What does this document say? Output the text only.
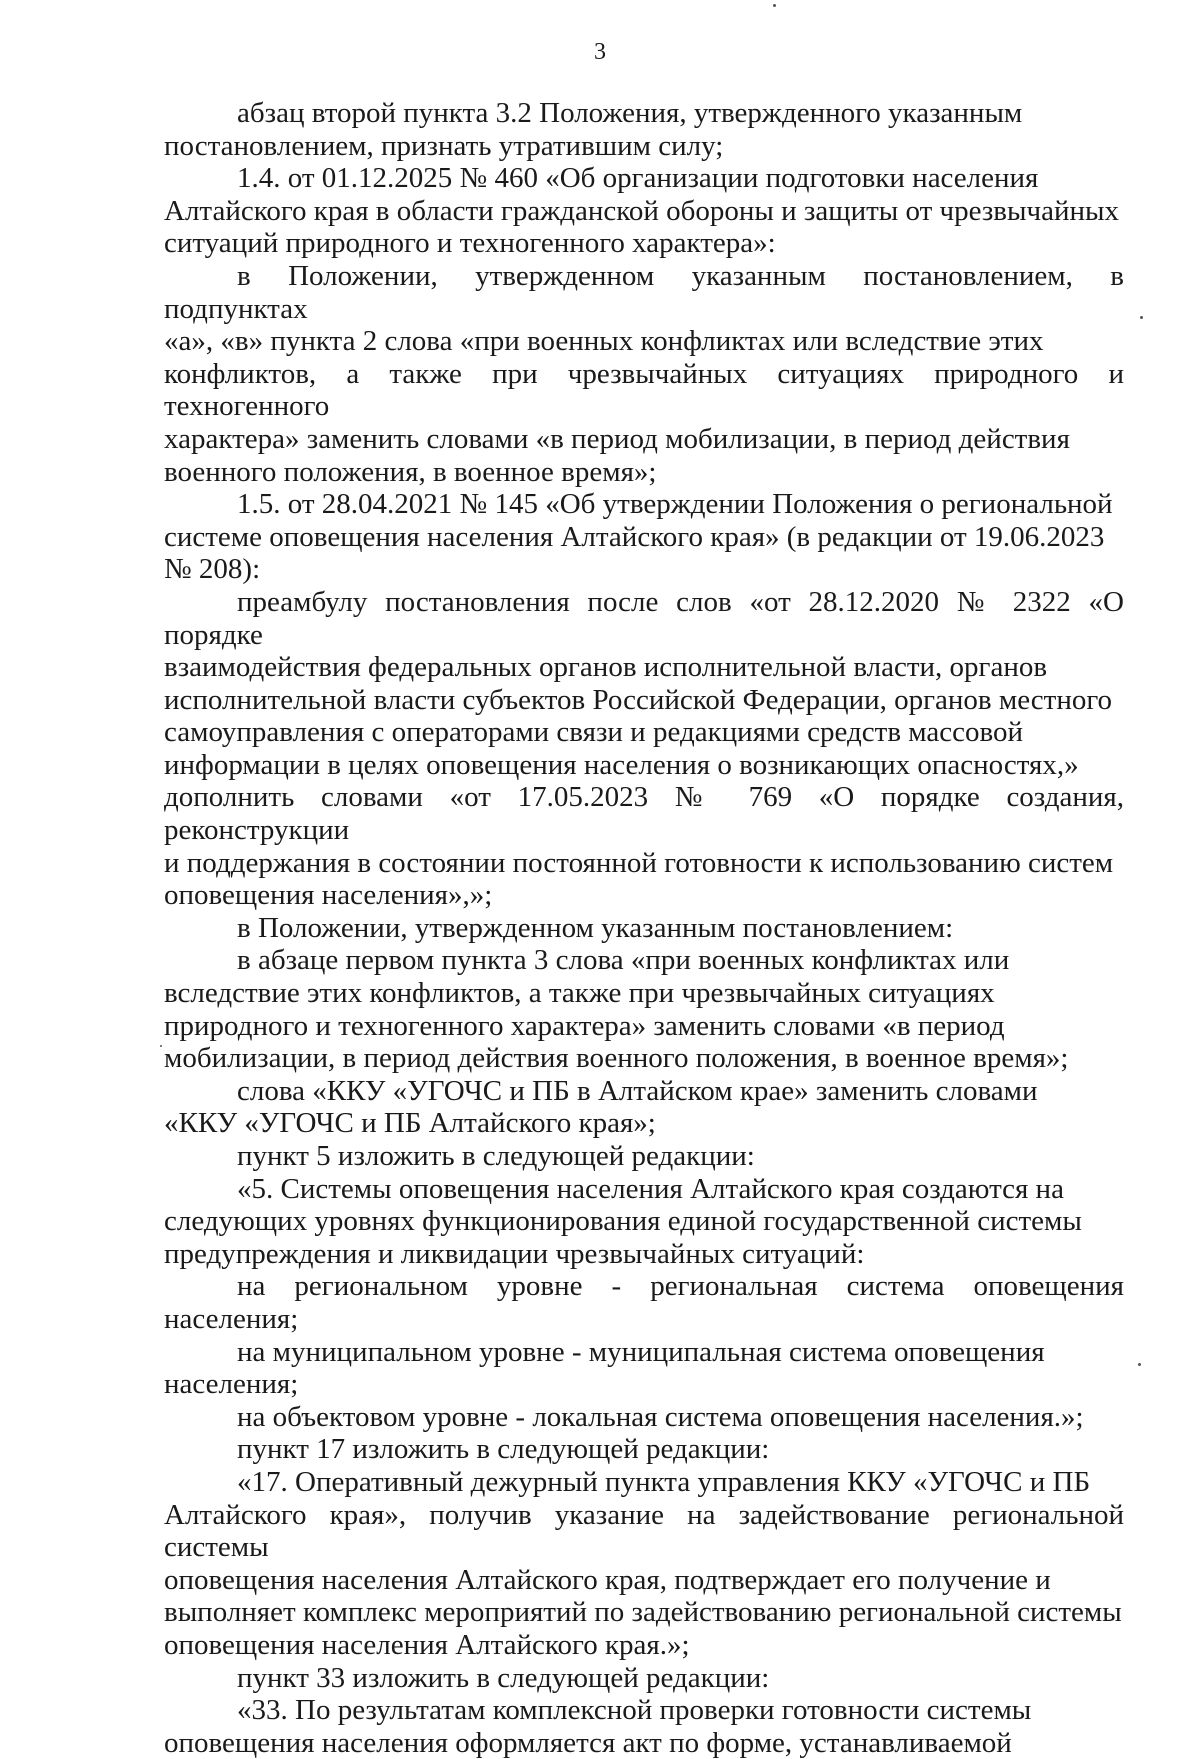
3

абзац второй пункта 3.2 Положения, утвержденного указанным
постановлением, признать утратившим силу;

1.4. от 01.12.2025 № 460 «Об организации подготовки населения
Алтайского края в области гражданской обороны и защиты от чрезвычайных
ситуаций природного и техногенного характера»:

в Положении, утвержденном указанным постановлением, в подпунктах
«а», «в» пункта 2 слова «при военных конфликтах или вследствие этих
конфликтов, а также при чрезвычайных ситуациях природного и техногенного
характера» заменить словами «в период мобилизации, в период действия
военного положения, в военное время»;

1.5. от 28.04.2021 № 145 «Об утверждении Положения о региональной
системе оповещения населения Алтайского края» (в редакции от 19.06.2023
№ 208):

преамбулу постановления после слов «от 28.12.2020 № 2322 «О порядке
взаимодействия федеральных органов исполнительной власти, органов
исполнительной власти субъектов Российской Федерации, органов местного
самоуправления с операторами связи и редакциями средств массовой
информации в целях оповещения населения о возникающих опасностях,»
дополнить словами «от 17.05.2023 № 769 «О порядке создания, реконструкции
и поддержания в состоянии постоянной готовности к использованию систем
оповещения населения»,»;

в Положении, утвержденном указанным постановлением:

в абзаце первом пункта 3 слова «при военных конфликтах или
вследствие этих конфликтов, а также при чрезвычайных ситуациях
природного и техногенного характера» заменить словами «в период
мобилизации, в период действия военного положения, в военное время»;

слова «ККУ «УГОЧС и ПБ в Алтайском крае» заменить словами
«ККУ «УГОЧС и ПБ Алтайского края»;

пункт 5 изложить в следующей редакции:

«5. Системы оповещения населения Алтайского края создаются на
следующих уровнях функционирования единой государственной системы
предупреждения и ликвидации чрезвычайных ситуаций:

на региональном уровне - региональная система оповещения населения;

на муниципальном уровне - муниципальная система оповещения
населения;

на объектовом уровне - локальная система оповещения населения.»;

пункт 17 изложить в следующей редакции:

«17. Оперативный дежурный пункта управления ККУ «УГОЧС и ПБ
Алтайского края», получив указание на задействование региональной системы
оповещения населения Алтайского края, подтверждает его получение и
выполняет комплекс мероприятий по задействованию региональной системы
оповещения населения Алтайского края.»;

пункт 33 изложить в следующей редакции:

«33. По результатам комплексной проверки готовности системы
оповещения населения оформляется акт по форме, устанавливаемой
